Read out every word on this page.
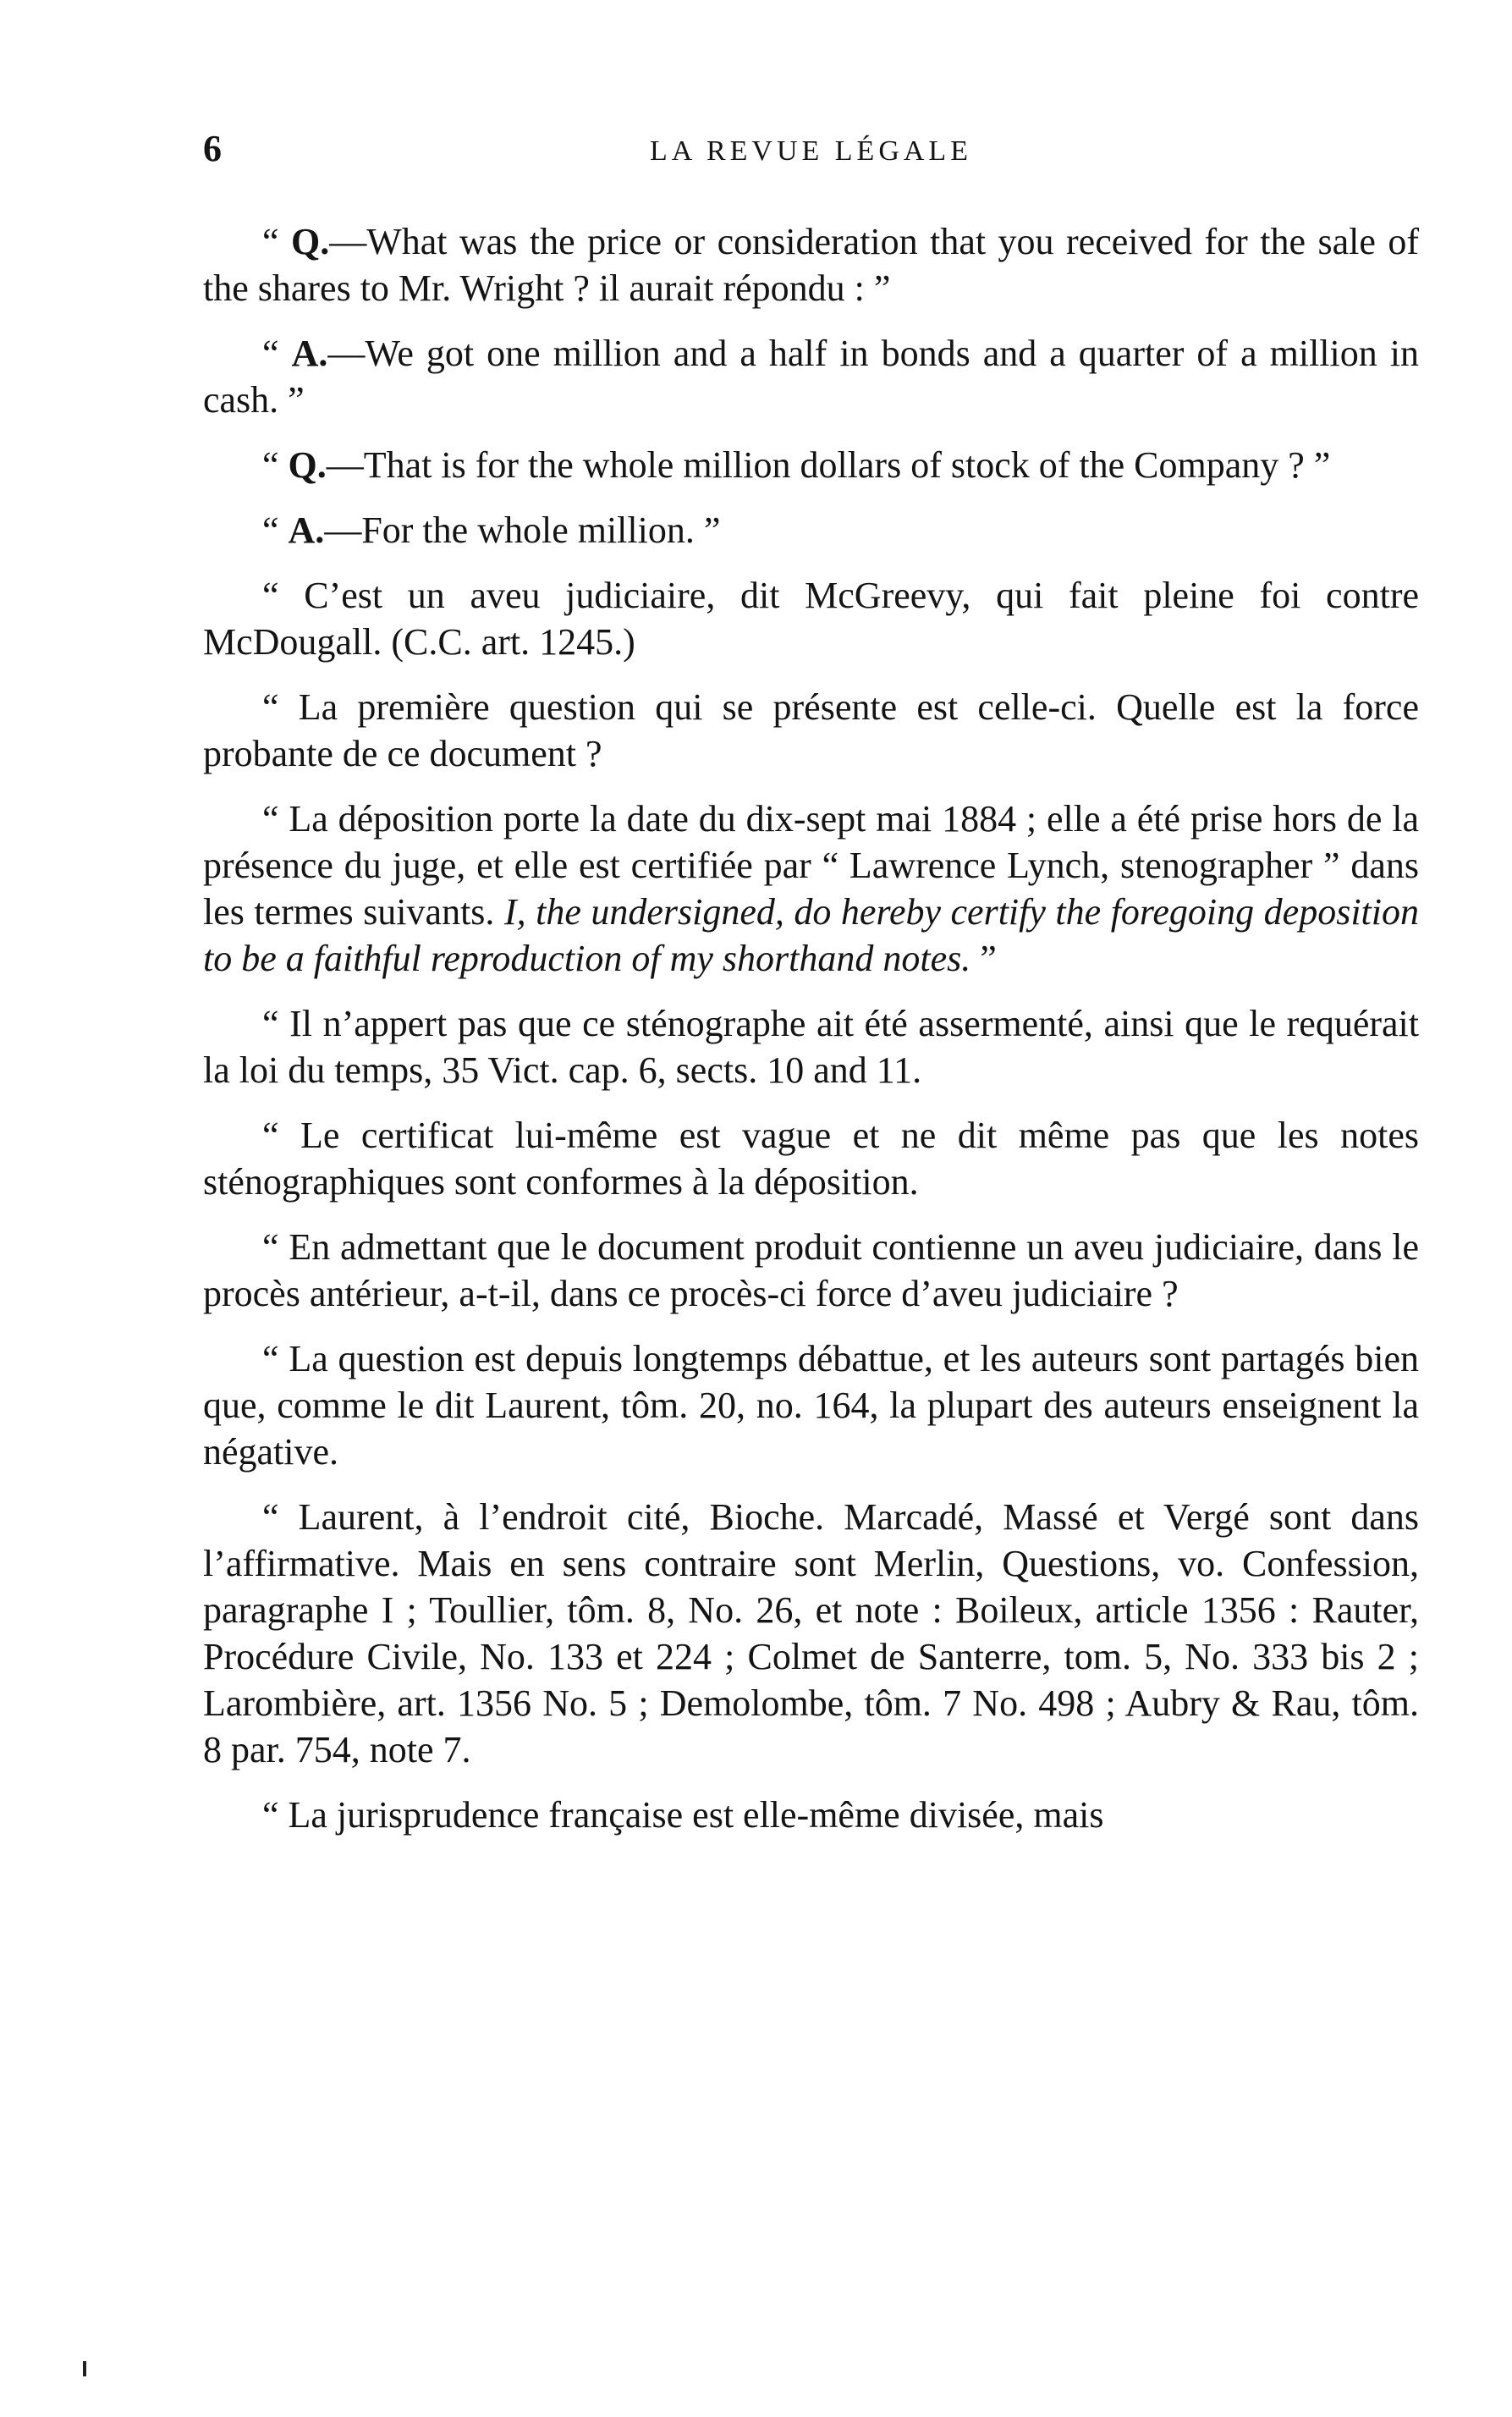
6	LA REVUE LÉGALE

“ Q.—What was the price or consideration that you received for the sale of the shares to Mr. Wright ? il aurait répondu : ”

“ A.—We got one million and a half in bonds and a quarter of a million in cash. ”

“ Q.—That is for the whole million dollars of stock of the Company ? ”

“ A.—For the whole million. ”

“ C’est un aveu judiciaire, dit McGreevy, qui fait pleine foi contre McDougall. (C.C. art. 1245.)

“ La première question qui se présente est celle-ci. Quelle est la force probante de ce document ?

“ La déposition porte la date du dix-sept mai 1884 ; elle a été prise hors de la présence du juge, et elle est certifiée par “ Lawrence Lynch, stenographer ” dans les termes suivants. I, the undersigned, do hereby certify the foregoing deposition to be a faithful reproduction of my shorthand notes. ”

“ Il n’appert pas que ce sténographe ait été assermenté, ainsi que le requérait la loi du temps, 35 Vict. cap. 6, sects. 10 and 11.

“ Le certificat lui-même est vague et ne dit même pas que les notes sténographiques sont conformes à la déposition.

“ En admettant que le document produit contienne un aveu judiciaire, dans le procès antérieur, a-t-il, dans ce procès-ci force d’aveu judiciaire ?

“ La question est depuis longtemps débattue, et les auteurs sont partagés bien que, comme le dit Laurent, tôm. 20, no. 164, la plupart des auteurs enseignent la négative.

“ Laurent, à l’endroit cité, Bioche. Marcadé, Massé et Vergé sont dans l’affirmative. Mais en sens contraire sont Merlin, Questions, vo. Confession, paragraphe I ; Toullier, tôm. 8, No. 26, et note : Boileux, article 1356 : Rauter, Procédure Civile, No. 133 et 224 ; Colmet de Santerre, tom. 5, No. 333 bis 2 ; Larombière, art. 1356 No. 5 ; Demolombe, tôm. 7 No. 498 ; Aubry & Rau, tôm. 8 par. 754, note 7.

“ La jurisprudence française est elle-même divisée, mais
